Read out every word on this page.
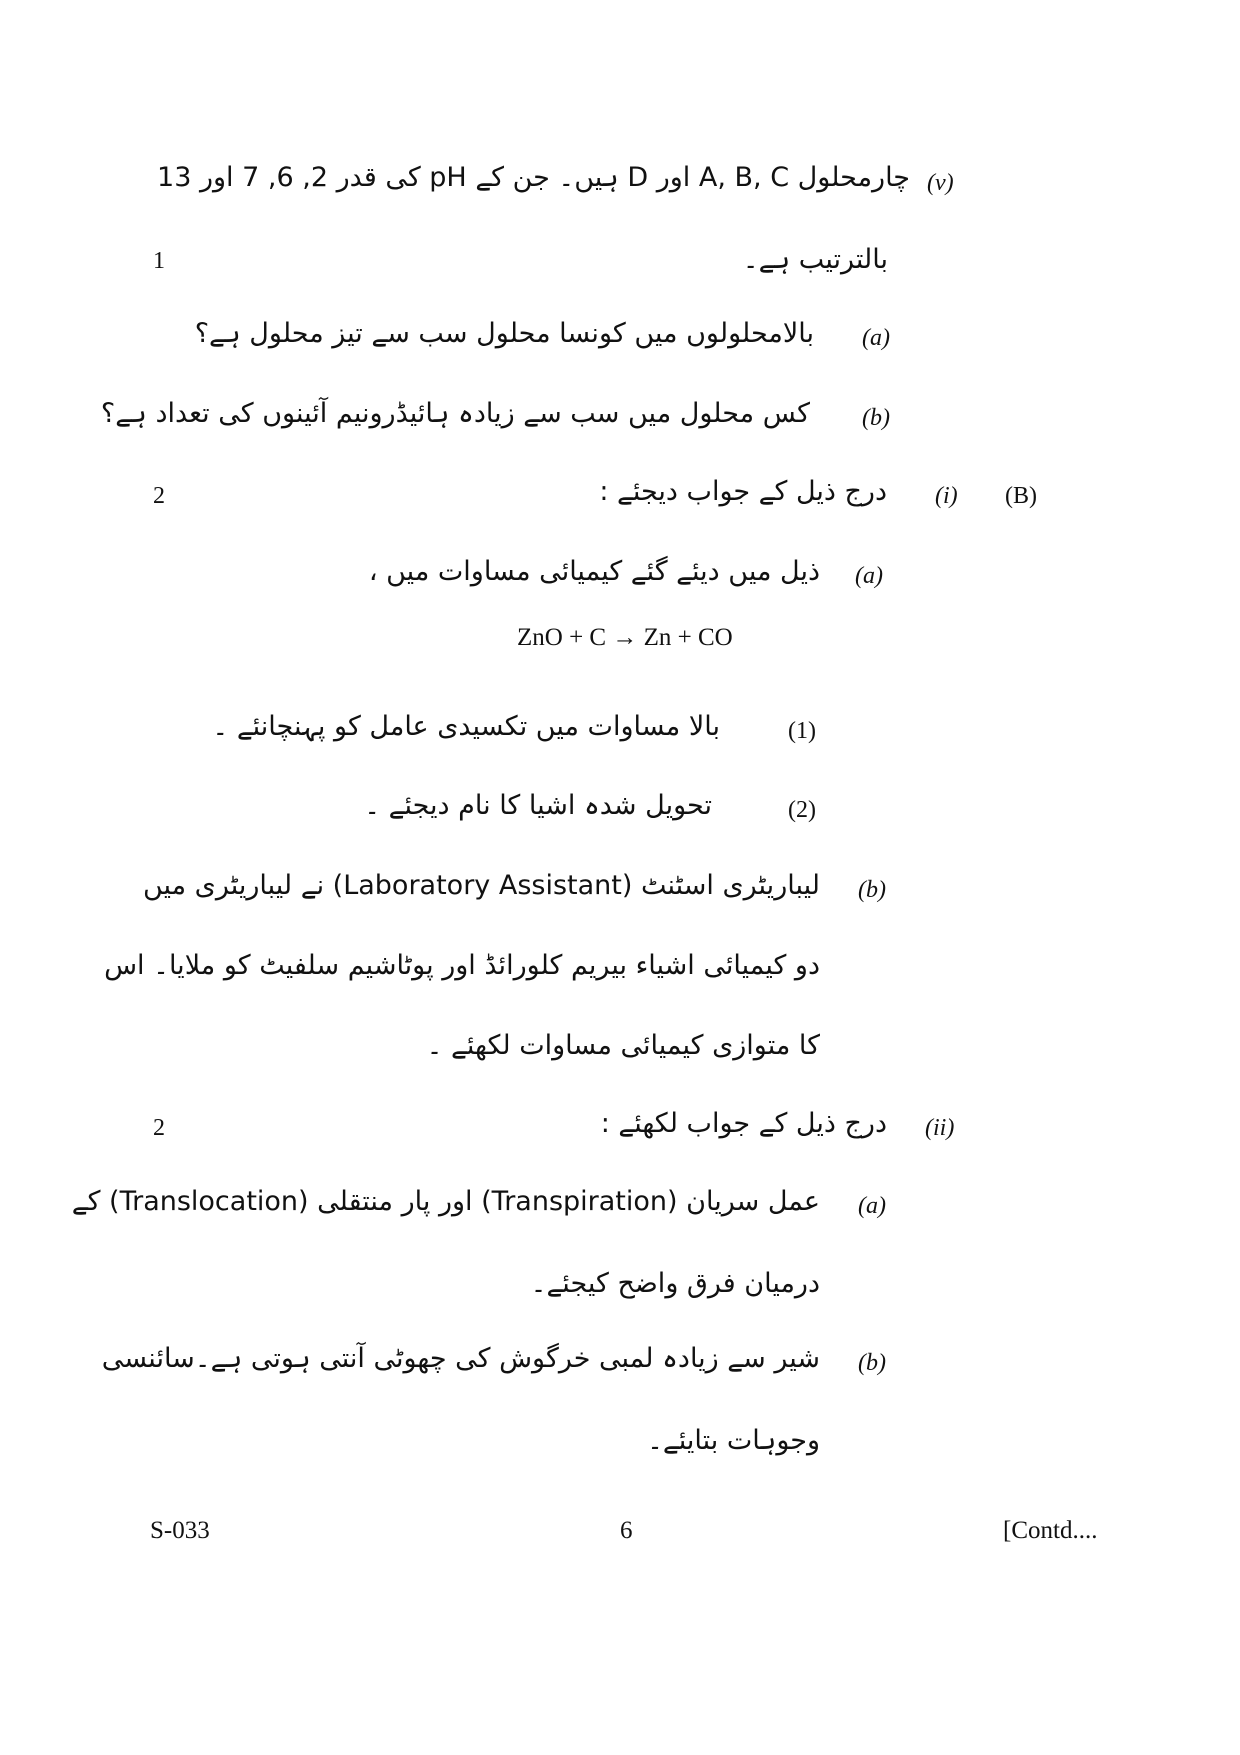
چارمحلول A, B, C اور D ہیں۔ جن کے pH کی قدر 2, 6, 7 اور 13 (v)
بالترتیب ہے۔
1
(a)
بالامحلولوں میں کونسا محلول سب سے تیز محلول ہے؟
(b)
کس محلول میں سب سے زیادہ ہائیڈرونیم آئینوں کی تعداد ہے؟
(B)
(i)
درج ذیل کے جواب دیجئے :
2
(a)
ذیل میں دیئے گئے کیمیائی مساوات میں ،
ZnO + C → Zn + CO
(1)
بالا مساوات میں تکسیدی عامل کو پہنچانئے ۔
(2)
تحویل شدہ اشیا کا نام دیجئے ۔
(b)
لیباریٹری اسٹنٹ (Laboratory Assistant) نے لیباریٹری میں
دو کیمیائی اشیاء بیریم کلورائڈ اور پوٹاشیم سلفیٹ کو ملایا۔ اس
کا متوازی کیمیائی مساوات لکھئے ۔
(ii)
درج ذیل کے جواب لکھئے :
2
(a)
عمل سریان (Transpiration) اور پار منتقلی (Translocation) کے
درمیان فرق واضح کیجئے۔
(b)
شیر سے زیادہ لمبی خرگوش کی چھوٹی آنتی ہوتی ہے۔سائنسی
وجوہات بتایئے۔
S-033	6	[Contd....
